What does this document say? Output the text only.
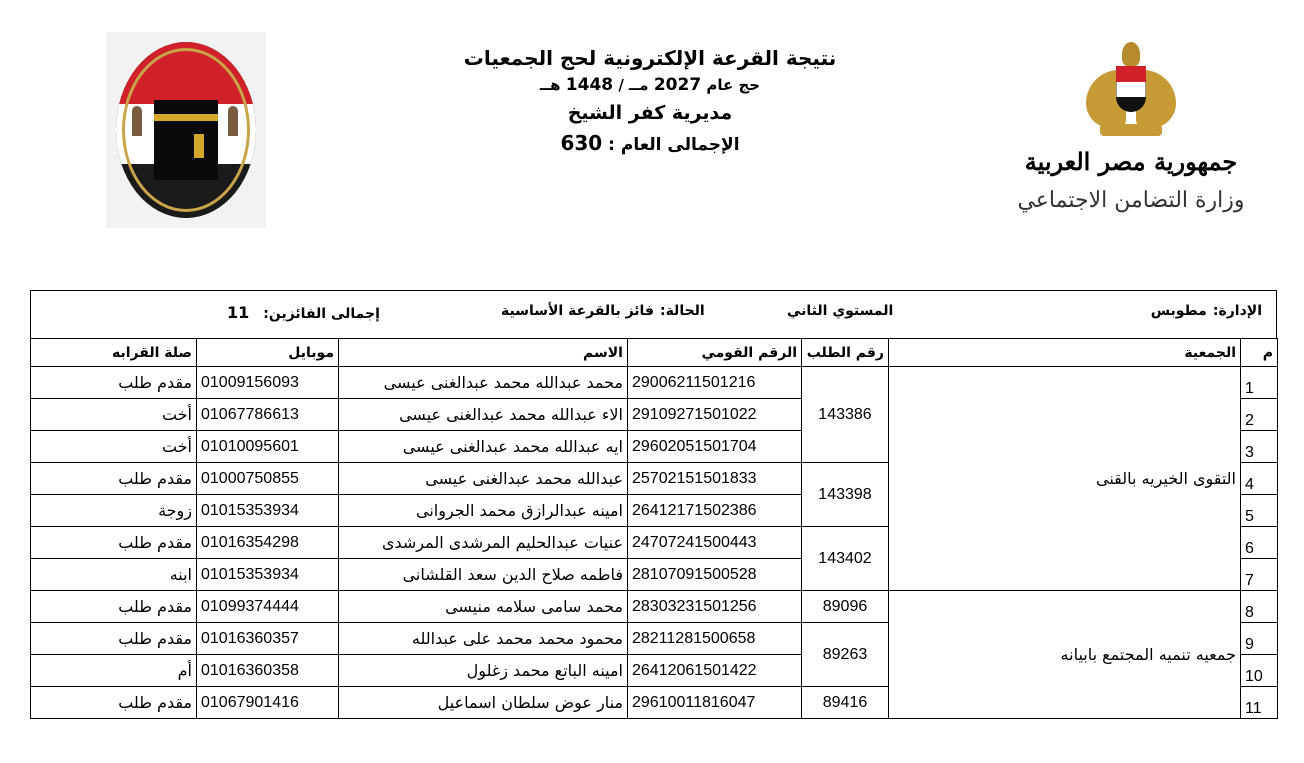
نتيجة القرعة الإلكترونية لحج الجمعيات
حج عام 2027 مــ / 1448 هــ
مديرية كفر الشيخ
الإجمالى العام : 630
جمهورية مصر العربية
وزارة التضامن الاجتماعي
الإدارة:مطوبس
المستوي الثاني
الحالة:فائز بالقرعة الأساسية
إجمالى الفائزين:11
م	الجمعية	رقم الطلب	الرقم القومي	الاسم	موبايل	صلة القرابه
1	التقوى الخيريه بالقنى	143386	29006211501216	محمد عبدالله محمد عبدالغنى عيسى	01009156093	مقدم طلب
2			29109271501022	الاء عبدالله محمد عبدالغنى عيسى	01067786613	أخت
3			29602051501704	ايه عبدالله محمد عبدالغنى عيسى	01010095601	أخت
4		143398	25702151501833	عبدالله محمد عبدالغنى عيسى	01000750855	مقدم طلب
5			26412171502386	امينه عبدالرازق محمد الجروانى	01015353934	زوجة
6		143402	24707241500443	عنيات عبدالحليم المرشدى المرشدى	01016354298	مقدم طلب
7			28107091500528	فاطمه صلاح الدين سعد القلشانى	01015353934	ابنه
8	جمعيه تنميه المجتمع بابيانه	89096	28303231501256	محمد سامى سلامه منيسى	01099374444	مقدم طلب
9		89263	28211281500658	محمود محمد محمد على عبدالله	01016360357	مقدم طلب
10			26412061501422	امينه الباتع محمد زغلول	01016360358	أم
11		89416	29610011816047	منار عوض سلطان اسماعيل	01067901416	مقدم طلب
